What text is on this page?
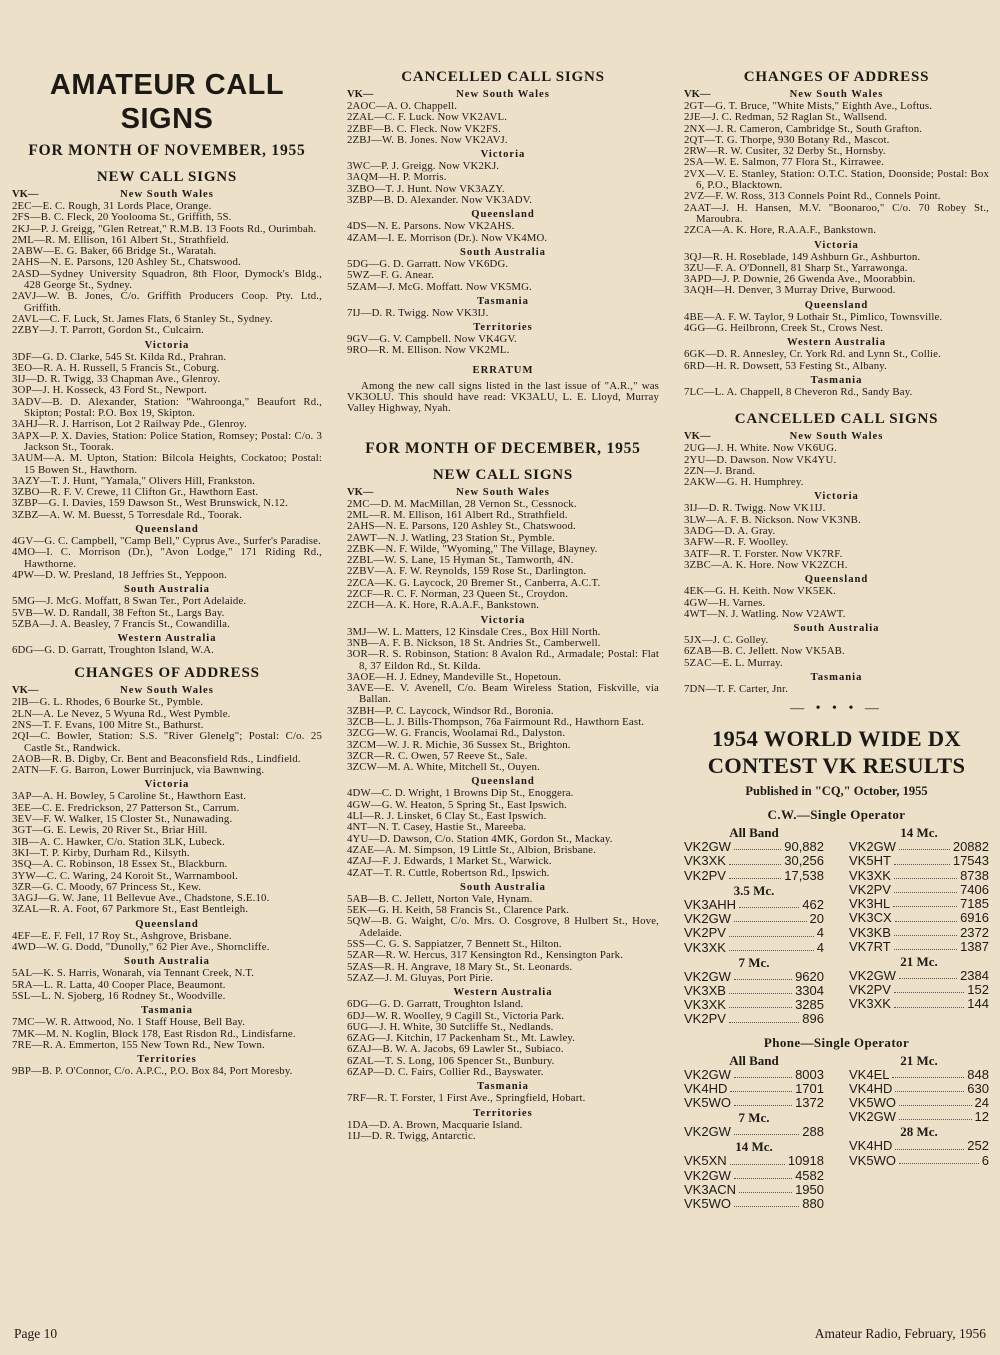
AMATEUR CALL SIGNS
FOR MONTH OF NOVEMBER, 1955
NEW CALL SIGNS
VK—	New South Wales
2EC—E. C. Rough, 31 Lords Place, Orange.
2FS—B. C. Fleck, 20 Yoolooma St., Griffith, 5S.
2KJ—P. J. Greigg, "Glen Retreat," R.M.B. 13 Foots Rd., Ourimbah.
2ML—R. M. Ellison, 161 Albert St., Strathfield.
2ABW—E. G. Baker, 66 Bridge St., Waratah.
2AHS—N. E. Parsons, 120 Ashley St., Chatswood.
2ASD—Sydney University Squadron, 8th Floor, Dymock's Bldg., 428 George St., Sydney.
2AVJ—W. B. Jones, C/o. Griffith Producers Coop. Pty. Ltd., Griffith.
2AVL—C. F. Luck, St. James Flats, 6 Stanley St., Sydney.
2ZBY—J. T. Parrott, Gordon St., Culcairn.
Victoria
3DF—G. D. Clarke, 545 St. Kilda Rd., Prahran.
3EO—R. A. H. Russell, 5 Francis St., Coburg.
3IJ—D. R. Twigg, 33 Chapman Ave., Glenroy.
3OP—J. H. Kosseck, 43 Ford St., Newport.
3ADV—B. D. Alexander, Station: "Wahroonga," Beaufort Rd., Skipton; Postal: P.O. Box 19, Skipton.
3AHJ—R. J. Harrison, Lot 2 Railway Pde., Glenroy.
3APX—P. X. Davies, Station: Police Station, Romsey; Postal: C/o. 3 Jackson St., Toorak.
3AUM—A. M. Upton, Station: Bilcola Heights, Cockatoo; Postal: 15 Bowen St., Hawthorn.
3AZY—T. J. Hunt, "Yamala," Olivers Hill, Frankston.
3ZBO—R. F. V. Crewe, 11 Clifton Gr., Hawthorn East.
3ZBP—G. I. Davies, 159 Dawson St., West Brunswick, N.12.
3ZBZ—A. W. M. Buesst, 5 Torresdale Rd., Toorak.
Queensland
4GV—G. C. Campbell, "Camp Bell," Cyprus Ave., Surfer's Paradise.
4MO—I. C. Morrison (Dr.), "Avon Lodge," 171 Riding Rd., Hawthorne.
4PW—D. W. Presland, 18 Jeffries St., Yeppoon.
South Australia
5MG—J. McG. Moffatt, 8 Swan Ter., Port Adelaide.
5VB—W. D. Randall, 38 Fefton St., Largs Bay.
5ZBA—J. A. Beasley, 7 Francis St., Cowandilla.
Western Australia
6DG—G. D. Garratt, Troughton Island, W.A.
CHANGES OF ADDRESS
VK—	New South Wales
2IB—G. L. Rhodes, 6 Bourke St., Pymble.
2LN—A. Le Nevez, 5 Wyuna Rd., West Pymble.
2NS—T. F. Evans, 100 Mitre St., Bathurst.
2QI—C. Bowler, Station: S.S. "River Glenelg"; Postal: C/o. 25 Castle St., Randwick.
2AOB—R. B. Digby, Cr. Bent and Beaconsfield Rds., Lindfield.
2ATN—F. G. Barron, Lower Burrinjuck, via Bawnwing.
Victoria
3AP—A. H. Bowley, 5 Caroline St., Hawthorn East.
3EE—C. E. Fredrickson, 27 Patterson St., Carrum.
3EV—F. W. Walker, 15 Closter St., Nunawading.
3GT—G. E. Lewis, 20 River St., Briar Hill.
3IB—A. C. Hawker, C/o. Station 3LK, Lubeck.
3KI—T. P. Kirby, Durham Rd., Kilsyth.
3SQ—A. C. Robinson, 18 Essex St., Blackburn.
3YW—C. C. Waring, 24 Koroit St., Warrnambool.
3ZR—G. C. Moody, 67 Princess St., Kew.
3AGJ—G. W. Jane, 11 Bellevue Ave., Chadstone, S.E.10.
3ZAL—R. A. Foot, 67 Parkmore St., East Bentleigh.
Queensland
4EF—E. F. Fell, 17 Roy St., Ashgrove, Brisbane.
4WD—W. G. Dodd, "Dunolly," 62 Pier Ave., Shorncliffe.
South Australia
5AL—K. S. Harris, Wonarah, via Tennant Creek, N.T.
5RA—L. R. Latta, 40 Cooper Place, Beaumont.
5SL—L. N. Sjoberg, 16 Rodney St., Woodville.
Tasmania
7MC—W. R. Attwood, No. 1 Staff House, Bell Bay.
7MK—M. N. Koglin, Block 178, East Risdon Rd., Lindisfarne.
7RE—R. A. Emmerton, 155 New Town Rd., New Town.
Territories
9BP—B. P. O'Connor, C/o. A.P.C., P.O. Box 84, Port Moresby.
CANCELLED CALL SIGNS
VK—	New South Wales
2AOC—A. O. Chappell.
2ZAL—C. F. Luck. Now VK2AVL.
2ZBF—B. C. Fleck. Now VK2FS.
2ZBJ—W. B. Jones. Now VK2AVJ.
Victoria
3WC—P. J. Greigg. Now VK2KJ.
3AQM—H. P. Morris.
3ZBO—T. J. Hunt. Now VK3AZY.
3ZBP—B. D. Alexander. Now VK3ADV.
Queensland
4DS—N. E. Parsons. Now VK2AHS.
4ZAM—I. E. Morrison (Dr.). Now VK4MO.
South Australia
5DG—G. D. Garratt. Now VK6DG.
5WZ—F. G. Anear.
5ZAM—J. McG. Moffatt. Now VK5MG.
Tasmania
7IJ—D. R. Twigg. Now VK3IJ.
Territories
9GV—G. V. Campbell. Now VK4GV.
9RO—R. M. Ellison. Now VK2ML.
ERRATUM
Among the new call signs listed in the last issue of "A.R.," was VK3OLU. This should have read: VK3ALU, L. E. Lloyd, Murray Valley Highway, Nyah.
FOR MONTH OF DECEMBER, 1955
NEW CALL SIGNS
VK—	New South Wales
2MC—D. M. MacMillan, 28 Vernon St., Cessnock.
2ML—R. M. Ellison, 161 Albert Rd., Strathfield.
2AHS—N. E. Parsons, 120 Ashley St., Chatswood.
2AWT—N. J. Watling, 23 Station St., Pymble.
2ZBK—N. F. Wilde, "Wyoming," The Village, Blayney.
2ZBL—W. S. Lane, 15 Hyman St., Tamworth, 4N.
2ZBV—A. F. W. Reynolds, 159 Rose St., Darlington.
2ZCA—K. G. Laycock, 20 Bremer St., Canberra, A.C.T.
2ZCF—R. C. F. Norman, 23 Queen St., Croydon.
2ZCH—A. K. Hore, R.A.A.F., Bankstown.
Victoria
3MJ—W. L. Matters, 12 Kinsdale Cres., Box Hill North.
3NB—A. F. B. Nickson, 18 St. Andries St., Camberwell.
3OR—R. S. Robinson, Station: 8 Avalon Rd., Armadale; Postal: Flat 8, 37 Eildon Rd., St. Kilda.
3AOE—H. J. Edney, Mandeville St., Hopetoun.
3AVE—E. V. Avenell, C/o. Beam Wireless Station, Fiskville, via Ballan.
3ZBH—P. C. Laycock, Windsor Rd., Boronia.
3ZCB—L. J. Bills-Thompson, 76a Fairmount Rd., Hawthorn East.
3ZCG—W. G. Francis, Woolamai Rd., Dalyston.
3ZCM—W. J. R. Michie, 36 Sussex St., Brighton.
3ZCR—R. C. Owen, 57 Reeve St., Sale.
3ZCW—M. A. White, Mitchell St., Ouyen.
Queensland
4DW—C. D. Wright, 1 Browns Dip St., Enoggera.
4GW—G. W. Heaton, 5 Spring St., East Ipswich.
4LI—R. J. Linsket, 6 Clay St., East Ipswich.
4NT—N. T. Casey, Hastie St., Mareeba.
4YU—D. Dawson, C/o. Station 4MK, Gordon St., Mackay.
4ZAE—A. M. Simpson, 19 Little St., Albion, Brisbane.
4ZAJ—F. J. Edwards, 1 Market St., Warwick.
4ZAT—T. R. Cuttle, Robertson Rd., Ipswich.
South Australia
5AB—B. C. Jellett, Norton Vale, Hynam.
5EK—G. H. Keith, 58 Francis St., Clarence Park.
5QW—B. G. Waight, C/o. Mrs. O. Cosgrove, 8 Hulbert St., Hove, Adelaide.
5SS—C. G. S. Sappiatzer, 7 Bennett St., Hilton.
5ZAR—R. W. Hercus, 317 Kensington Rd., Kensington Park.
5ZAS—R. H. Angrave, 18 Mary St., St. Leonards.
5ZAZ—J. M. Gluyas, Port Pirie.
Western Australia
6DG—G. D. Garratt, Troughton Island.
6DJ—W. R. Woolley, 9 Cagill St., Victoria Park.
6UG—J. H. White, 30 Sutcliffe St., Nedlands.
6ZAG—J. Kitchin, 17 Packenham St., Mt. Lawley.
6ZAJ—B. W. A. Jacobs, 69 Lawler St., Subiaco.
6ZAL—T. S. Long, 106 Spencer St., Bunbury.
6ZAP—D. C. Fairs, Collier Rd., Bayswater.
Tasmania
7RF—R. T. Forster, 1 First Ave., Springfield, Hobart.
Territories
1DA—D. A. Brown, Macquarie Island.
1IJ—D. R. Twigg, Antarctic.
CHANGES OF ADDRESS
VK—	New South Wales
2GT—G. T. Bruce, "White Mists," Eighth Ave., Loftus.
2JE—J. C. Redman, 52 Raglan St., Wallsend.
2NX—J. R. Cameron, Cambridge St., South Grafton.
2QT—T. G. Thorpe, 930 Botany Rd., Mascot.
2RW—R. W. Cusiter, 32 Derby St., Hornsby.
2SA—W. E. Salmon, 77 Flora St., Kirrawee.
2VX—V. E. Stanley, Station: O.T.C. Station, Doonside; Postal: Box 6, P.O., Blacktown.
2VZ—F. W. Ross, 313 Connels Point Rd., Connels Point.
2AAT—J. H. Hansen, M.V. "Boonaroo," C/o. 70 Robey St., Maroubra.
2ZCA—A. K. Hore, R.A.A.F., Bankstown.
Victoria
3QJ—R. H. Roseblade, 149 Ashburn Gr., Ashburton.
3ZU—F. A. O'Donnell, 81 Sharp St., Yarrawonga.
3APD—J. P. Downie, 26 Gwenda Ave., Moorabbin.
3AQH—H. Denver, 3 Murray Drive, Burwood.
Queensland
4BE—A. F. W. Taylor, 9 Lothair St., Pimlico, Townsville.
4GG—G. Heilbronn, Creek St., Crows Nest.
Western Australia
6GK—D. R. Annesley, Cr. York Rd. and Lynn St., Collie.
6RD—H. R. Dowsett, 53 Festing St., Albany.
Tasmania
7LC—L. A. Chappell, 8 Cheveron Rd., Sandy Bay.
CANCELLED CALL SIGNS
VK—	New South Wales
2UG—J. H. White. Now VK6UG.
2YU—D. Dawson. Now VK4YU.
2ZN—J. Brand.
2AKW—G. H. Humphrey.
Victoria
3IJ—D. R. Twigg. Now VK1IJ.
3LW—A. F. B. Nickson. Now VK3NB.
3ADG—D. A. Gray.
3AFW—R. F. Woolley.
3ATF—R. T. Forster. Now VK7RF.
3ZBC—A. K. Hore. Now VK2ZCH.
Queensland
4EK—G. H. Keith. Now VK5EK.
4GW—H. Varnes.
4WT—N. J. Watling. Now V2AWT.
South Australia
5JX—J. C. Golley.
6ZAB—B. C. Jellett. Now VK5AB.
5ZAC—E. L. Murray.
Tasmania
7DN—T. F. Carter, Jnr.
— • • • —
1954 WORLD WIDE DX
CONTEST VK RESULTS
Published in "CQ," October, 1955
C.W.—Single Operator
All Band
VK2GW	90,882
VK3XK	30,256
VK2PV	17,538
3.5 Mc.
VK3AHH	462
VK2GW	20
VK2PV	4
VK3XK	4
7 Mc.
VK2GW	9620
VK3XB	3304
VK3XK	3285
VK2PV	896
14 Mc.
VK2GW	20882
VK5HT	17543
VK3XK	8738
VK2PV	7406
VK3HL	7185
VK3CX	6916
VK3KB	2372
VK7RT	1387
21 Mc.
VK2GW	2384
VK2PV	152
VK3XK	144
Phone—Single Operator
All Band
VK2GW	8003
VK4HD	1701
VK5WO	1372
7 Mc.
VK2GW	288
14 Mc.
VK5XN	10918
VK2GW	4582
VK3ACN	1950
VK5WO	880
21 Mc.
VK4EL	848
VK4HD	630
VK5WO	24
VK2GW	12
28 Mc.
VK4HD	252
VK5WO	6
Page 10	Amateur Radio, February, 1956
